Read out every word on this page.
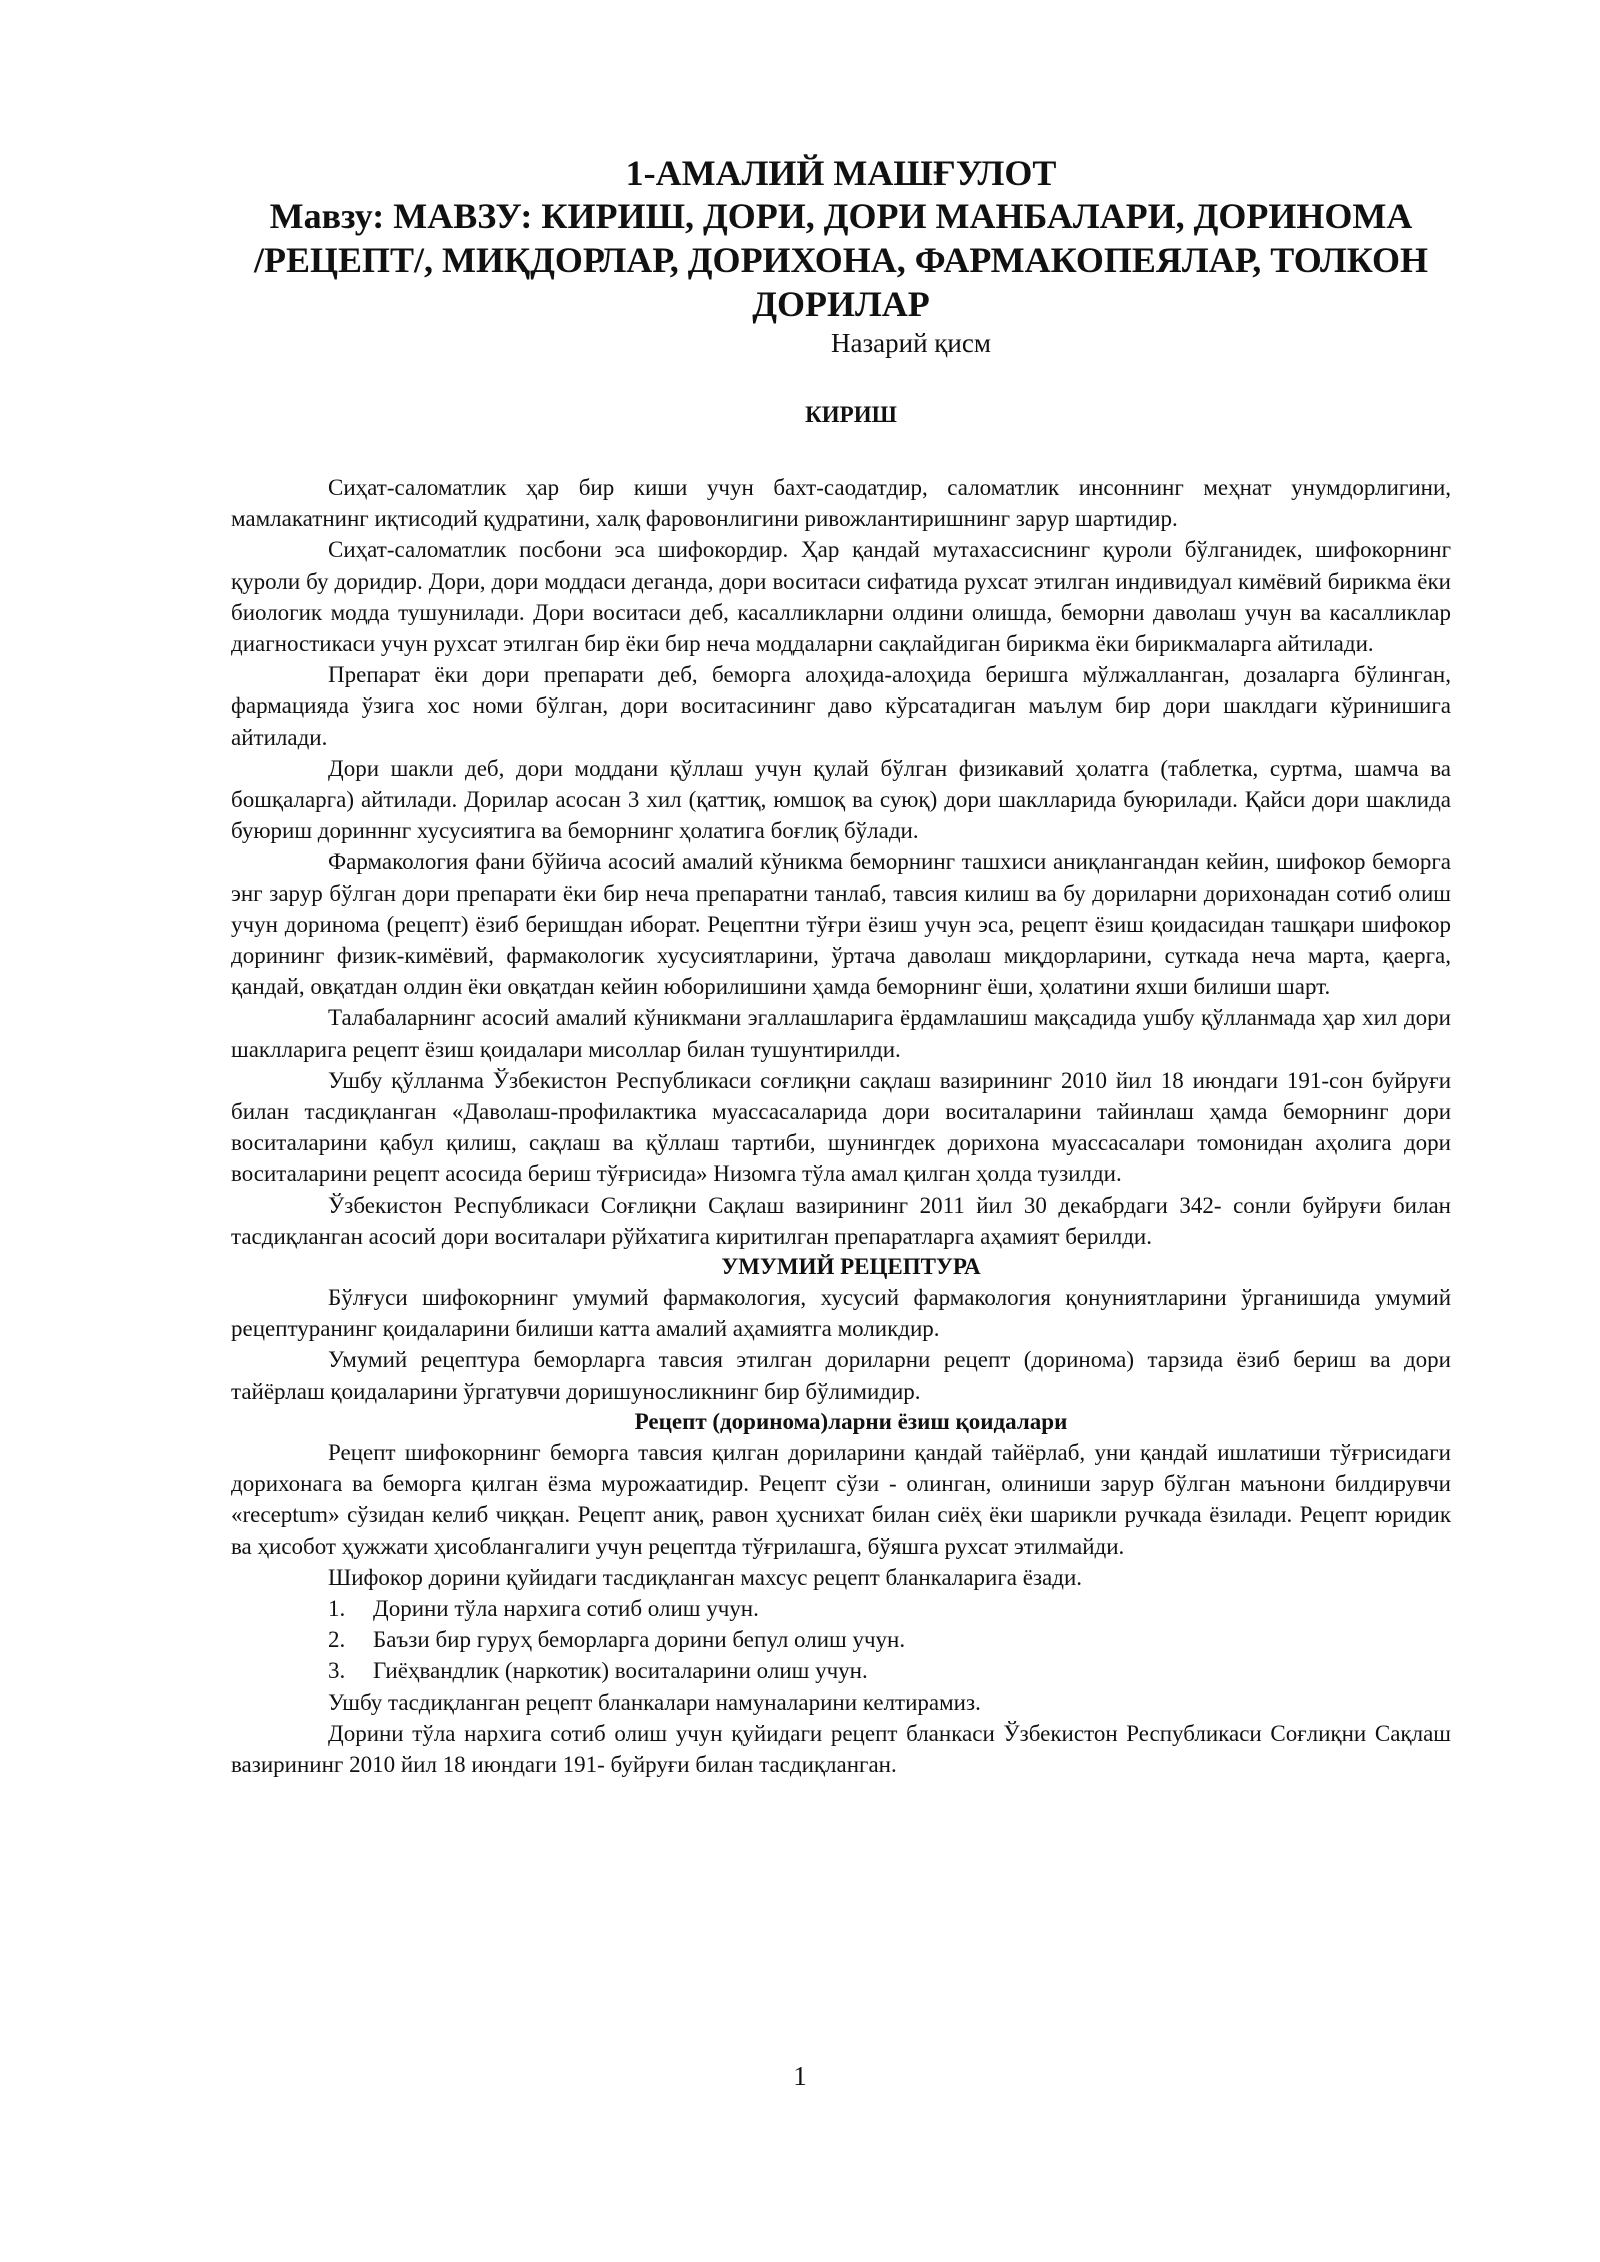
1-АМАЛИЙ МАШҒУЛОТ
Мавзу: МАВЗУ: КИРИШ, ДОРИ, ДОРИ МАНБАЛАРИ, ДОРИНОМА
/РЕЦЕПТ/, МИҚДОРЛАР, ДОРИХОНА, ФАРМАКОПЕЯЛАР, ТОЛКОН
ДОРИЛАР

Назарий қисм

КИРИШ

Сиҳат-саломатлик ҳар бир киши учун бахт-саодатдир, саломатлик инсоннинг меҳнат унумдорлигини, мамлакатнинг иқтисодий қудратини, халқ фаровонлигини ривожлантиришнинг зарур шартидир.

Сиҳат-саломатлик посбони эса шифокордир. Ҳар қандай мутахассиснинг қуроли бўлганидек, шифокорнинг қуроли бу доридир. Дори, дори моддаси деганда, дори воситаси сифатида рухсат этилган индивидуал кимёвий бирикма ёки биологик модда тушунилади. Дори воситаси деб, касалликларни олдини олишда, беморни даволаш учун ва касалликлар диагностикаси учун рухсат этилган бир ёки бир неча моддаларни сақлайдиган бирикма ёки бирикмаларга айтилади.

Препарат ёки дори препарати деб, беморга алоҳида-алоҳида беришга мўлжалланган, дозаларга бўлинган, фармацияда ўзига хос номи бўлган, дори воситасининг даво кўрсатадиган маълум бир дори шаклдаги кўринишига айтилади.

Дори шакли деб, дори моддани қўллаш учун қулай бўлган физикавий ҳолатга (таблетка, суртма, шамча ва бошқаларга) айтилади. Дорилар асосан 3 хил (қаттиқ, юмшоқ ва суюқ) дори шаклларида буюрилади. Қайси дори шаклида буюриш доринннг хусусиятига ва беморнинг ҳолатига боғлиқ бўлади.

Фармакология фани бўйича асосий амалий кўникма беморнинг ташхиси аниқлангандан кейин, шифокор беморга энг зарур бўлган дори препарати ёки бир неча препаратни танлаб, тавсия килиш ва бу дориларни дорихонадан сотиб олиш учун доринома (рецепт) ёзиб беришдан иборат. Рецептни тўғри ёзиш учун эса, рецепт ёзиш қоидасидан ташқари шифокор дорининг физик-кимёвий, фармакологик хусусиятларини, ўртача даволаш миқдорларини, суткада неча марта, қаерга, қандай, овқатдан олдин ёки овқатдан кейин юборилишини ҳамда беморнинг ёши, ҳолатини яхши билиши шарт.

Талабаларнинг асосий амалий кўникмани эгаллашларига ёрдамлашиш мақсадида ушбу қўлланмада ҳар хил дори шаклларига рецепт ёзиш қоидалари мисоллар билан тушунтирилди.

Ушбу қўлланма Ўзбекистон Республикаси соғлиқни сақлаш вазирининг 2010 йил 18 июндаги 191-сон буйруғи билан тасдиқланган «Даволаш-профилактика муассасаларида дори воситаларини тайинлаш ҳамда беморнинг дори воситаларини қабул қилиш, сақлаш ва қўллаш тартиби, шунингдек дорихона муассасалари томонидан аҳолига дори воситаларини рецепт асосида бериш тўғрисида» Низомга тўла амал қилган ҳолда тузилди.

Ўзбекистон Республикаси Соғлиқни Сақлаш вазирининг 2011 йил 30 декабрдаги 342- сонли буйруғи билан тасдиқланган асосий дори воситалари рўйхатига киритилган препаратларга аҳамият берилди.

УМУМИЙ РЕЦЕПТУРА

Бўлғуси шифокорнинг умумий фармакология, хусусий фармакология қонуниятларини ўрганишида умумий рецептуранинг қоидаларини билиши катта амалий аҳамиятга моликдир.

Умумий рецептура беморларга тавсия этилган дориларни рецепт (доринома) тарзида ёзиб бериш ва дори тайёрлаш қоидаларини ўргатувчи доришуносликнинг бир бўлимидир.

Рецепт (доринома)ларни ёзиш қоидалари

Рецепт шифокорнинг беморга тавсия қилган дориларини қандай тайёрлаб, уни қандай ишлатиши тўғрисидаги дорихонага ва беморга қилган ёзма мурожаатидир. Рецепт сўзи - олинган, олиниши зарур бўлган маънони билдирувчи «receptum» сўзидан келиб чиққан. Рецепт аниқ, равон ҳуснихат билан сиёҳ ёки шарикли ручкада ёзилади. Рецепт юридик ва ҳисобот ҳужжати ҳисоблангалиги учун рецептда тўғрилашга, бўяшга рухсат этилмайди.

Шифокор дорини қуйидаги тасдиқланган махсус рецепт бланкаларига ёзади.

1. Дорини тўла нархига сотиб олиш учун.
2. Баъзи бир гуруҳ беморларга дорини бепул олиш учун.
3. Гиёҳвандлик (наркотик) воситаларини олиш учун.

Ушбу тасдиқланган рецепт бланкалари намуналарини келтирамиз.

Дорини тўла нархига сотиб олиш учун қуйидаги рецепт бланкаси Ўзбекистон Республикаси Соғлиқни Сақлаш вазирининг 2010 йил 18 июндаги 191- буйруғи билан тасдиқланган.

1
